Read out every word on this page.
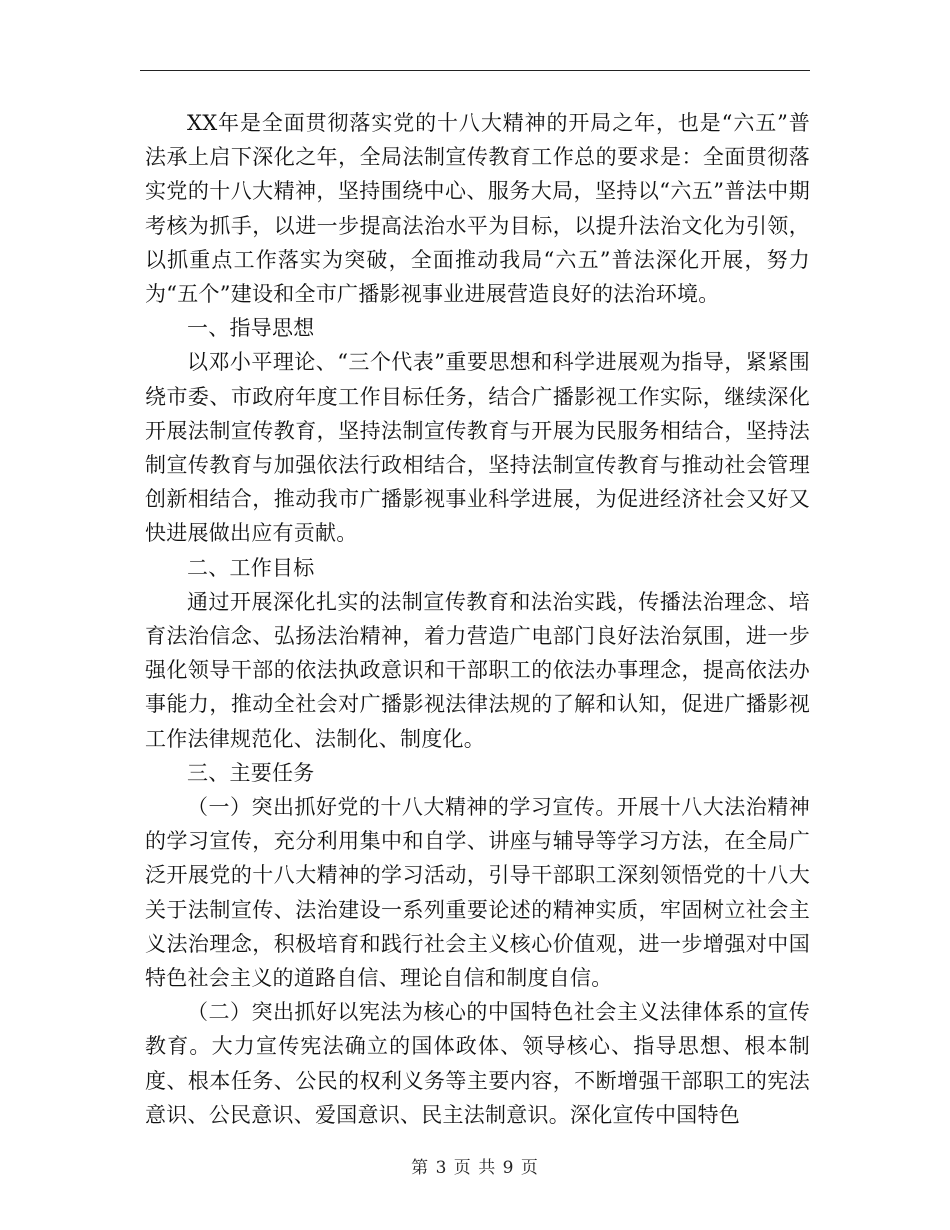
XX年是全面贯彻落实党的十八大精神的开局之年，也是“六五”普法承上启下深化之年，全局法制宣传教育工作总的要求是：全面贯彻落实党的十八大精神，坚持围绕中心、服务大局，坚持以“六五”普法中期考核为抓手，以进一步提高法治水平为目标，以提升法治文化为引领，以抓重点工作落实为突破，全面推动我局“六五”普法深化开展，努力为“五个”建设和全市广播影视事业进展营造良好的法治环境。

一、指导思想

以邓小平理论、“三个代表”重要思想和科学进展观为指导，紧紧围绕市委、市政府年度工作目标任务，结合广播影视工作实际，继续深化开展法制宣传教育，坚持法制宣传教育与开展为民服务相结合，坚持法制宣传教育与加强依法行政相结合，坚持法制宣传教育与推动社会管理创新相结合，推动我市广播影视事业科学进展，为促进经济社会又好又快进展做出应有贡献。

二、工作目标

通过开展深化扎实的法制宣传教育和法治实践，传播法治理念、培育法治信念、弘扬法治精神，着力营造广电部门良好法治氛围，进一步强化领导干部的依法执政意识和干部职工的依法办事理念，提高依法办事能力，推动全社会对广播影视法律法规的了解和认知，促进广播影视工作法律规范化、法制化、制度化。

三、主要任务

（一）突出抓好党的十八大精神的学习宣传。开展十八大法治精神的学习宣传，充分利用集中和自学、讲座与辅导等学习方法，在全局广泛开展党的十八大精神的学习活动，引导干部职工深刻领悟党的十八大关于法制宣传、法治建设一系列重要论述的精神实质，牢固树立社会主义法治理念，积极培育和践行社会主义核心价值观，进一步增强对中国特色社会主义的道路自信、理论自信和制度自信。

（二）突出抓好以宪法为核心的中国特色社会主义法律体系的宣传教育。大力宣传宪法确立的国体政体、领导核心、指导思想、根本制度、根本任务、公民的权利义务等主要内容，不断增强干部职工的宪法意识、公民意识、爱国意识、民主法制意识。深化宣传中国特色

第 3 页 共 9 页
